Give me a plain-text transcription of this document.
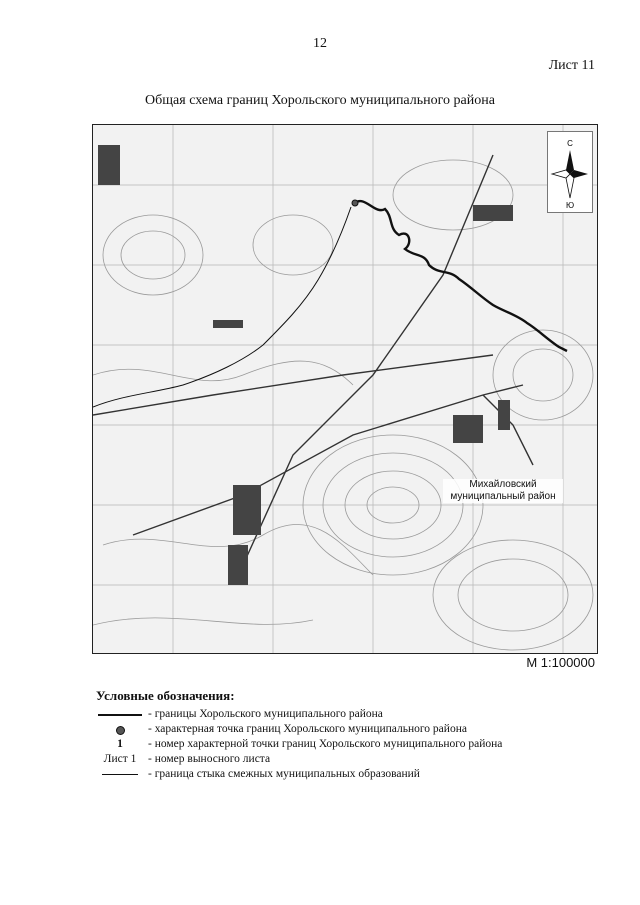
12
Лист 11
Общая схема границ Хорольского муниципального района
Михайловский муниципальный район
С
Ю
М 1:100000
Условные обозначения:
- границы Хорольского муниципального района
- характерная точка границ Хорольского муниципального района
1	- номер характерной точки границ Хорольского муниципального района
Лист 1	- номер выносного листа
- граница стыка смежных муниципальных образований
